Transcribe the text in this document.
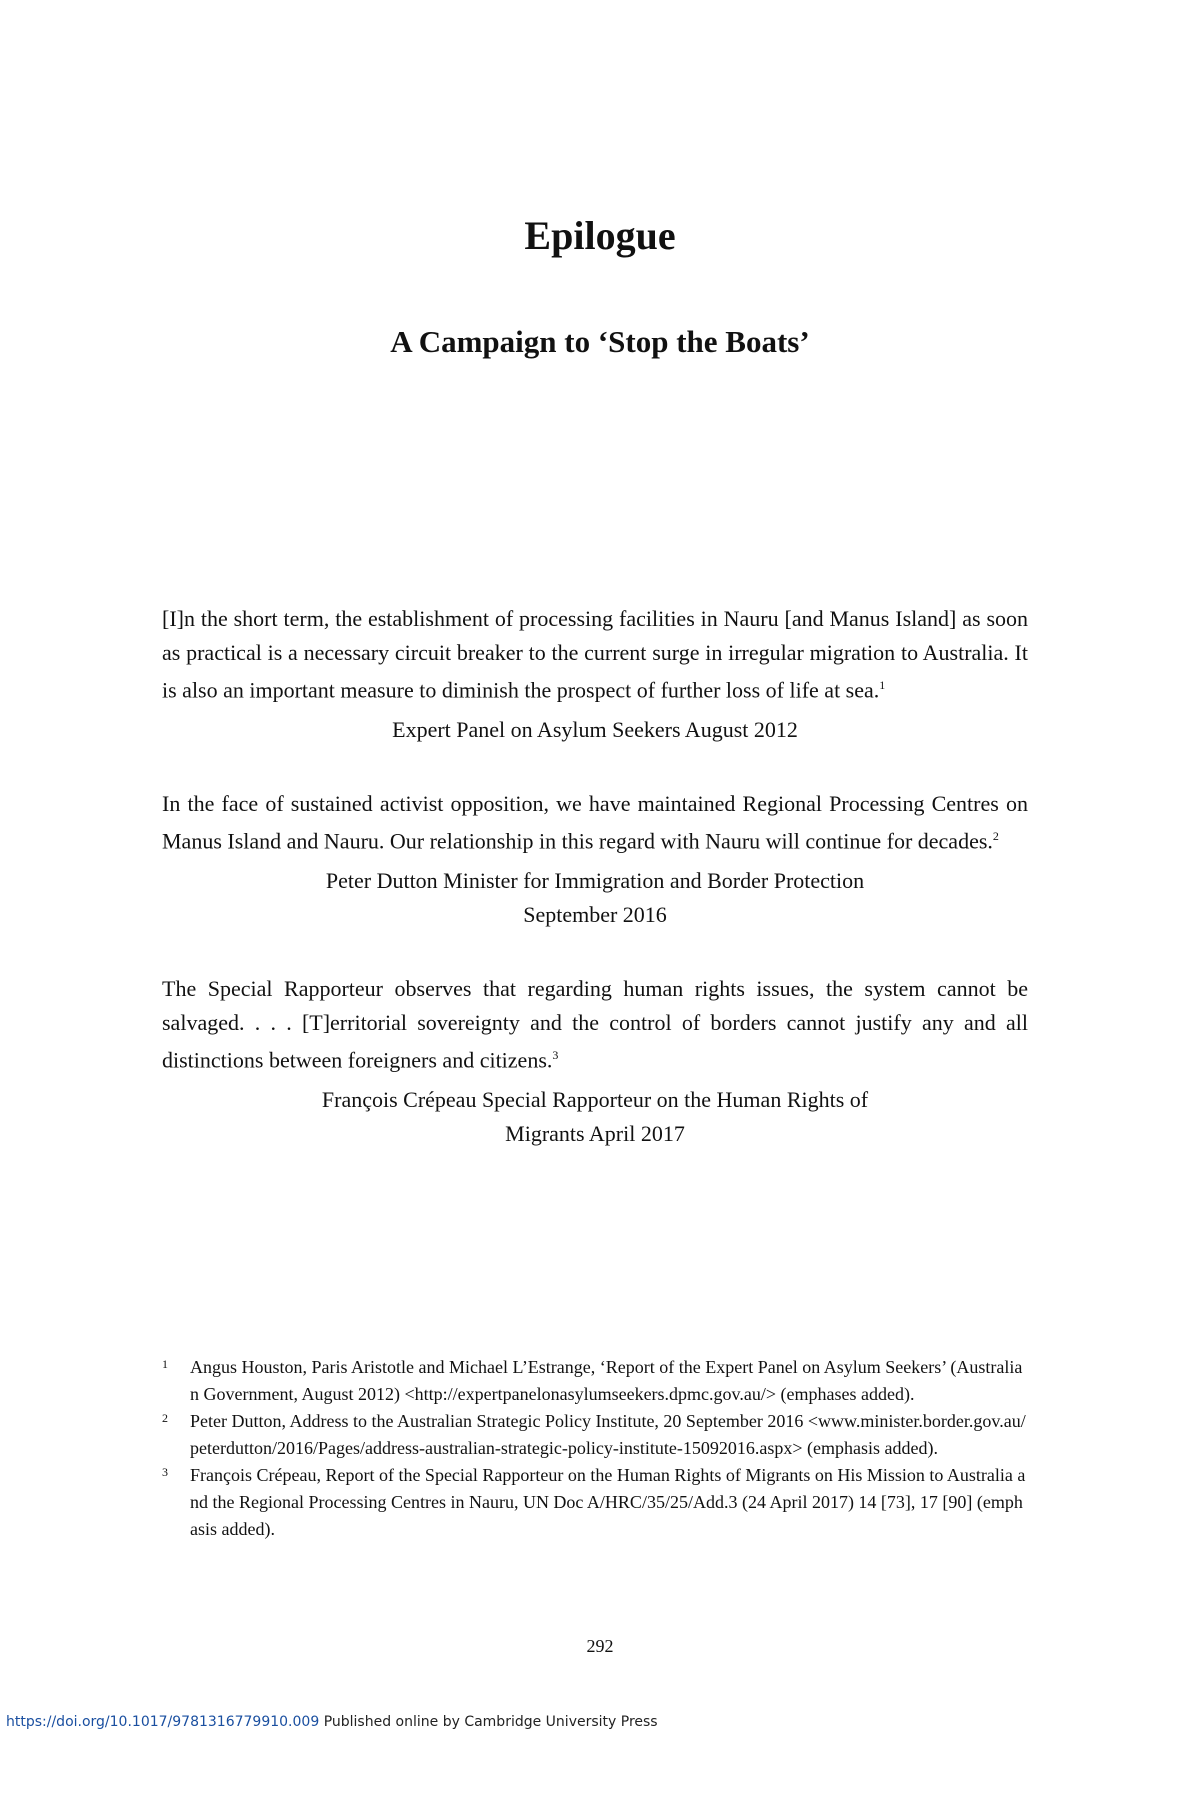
Epilogue
A Campaign to ‘Stop the Boats’

[I]n the short term, the establishment of processing facilities in Nauru [and Manus Island] as soon as practical is a necessary circuit breaker to the current surge in irregular migration to Australia. It is also an important measure to diminish the prospect of further loss of life at sea.$^1$

Expert Panel on Asylum Seekers August 2012

In the face of sustained activist opposition, we have maintained Regional Processing Centres on Manus Island and Nauru. Our relationship in this regard with Nauru will continue for decades.$^2$

Peter Dutton Minister for Immigration and Border Protection September 2016

The Special Rapporteur observes that regarding human rights issues, the system cannot be salvaged. . . . [T]erritorial sovereignty and the control of borders cannot justify any and all distinctions between foreigners and citizens.$^3$

François Crépeau Special Rapporteur on the Human Rights of Migrants April 2017

1	Angus Houston, Paris Aristotle and Michael L’Estrange, ‘Report of the Expert Panel on Asylum Seekers’ (Australian Government, August 2012) <http://expertpanelonasylumseekers.dpmc.gov.au/> (emphases added).
2	Peter Dutton, Address to the Australian Strategic Policy Institute, 20 September 2016 <www.minister.border.gov.au/peterdutton/2016/Pages/address-australian-strategic-policy-institute-15092016.aspx> (emphasis added).
3	François Crépeau, Report of the Special Rapporteur on the Human Rights of Migrants on His Mission to Australia and the Regional Processing Centres in Nauru, UN Doc A/HRC/35/25/Add.3 (24 April 2017) 14 [73], 17 [90] (emphasis added).

292

https://doi.org/10.1017/9781316779910.009 Published online by Cambridge University Press
